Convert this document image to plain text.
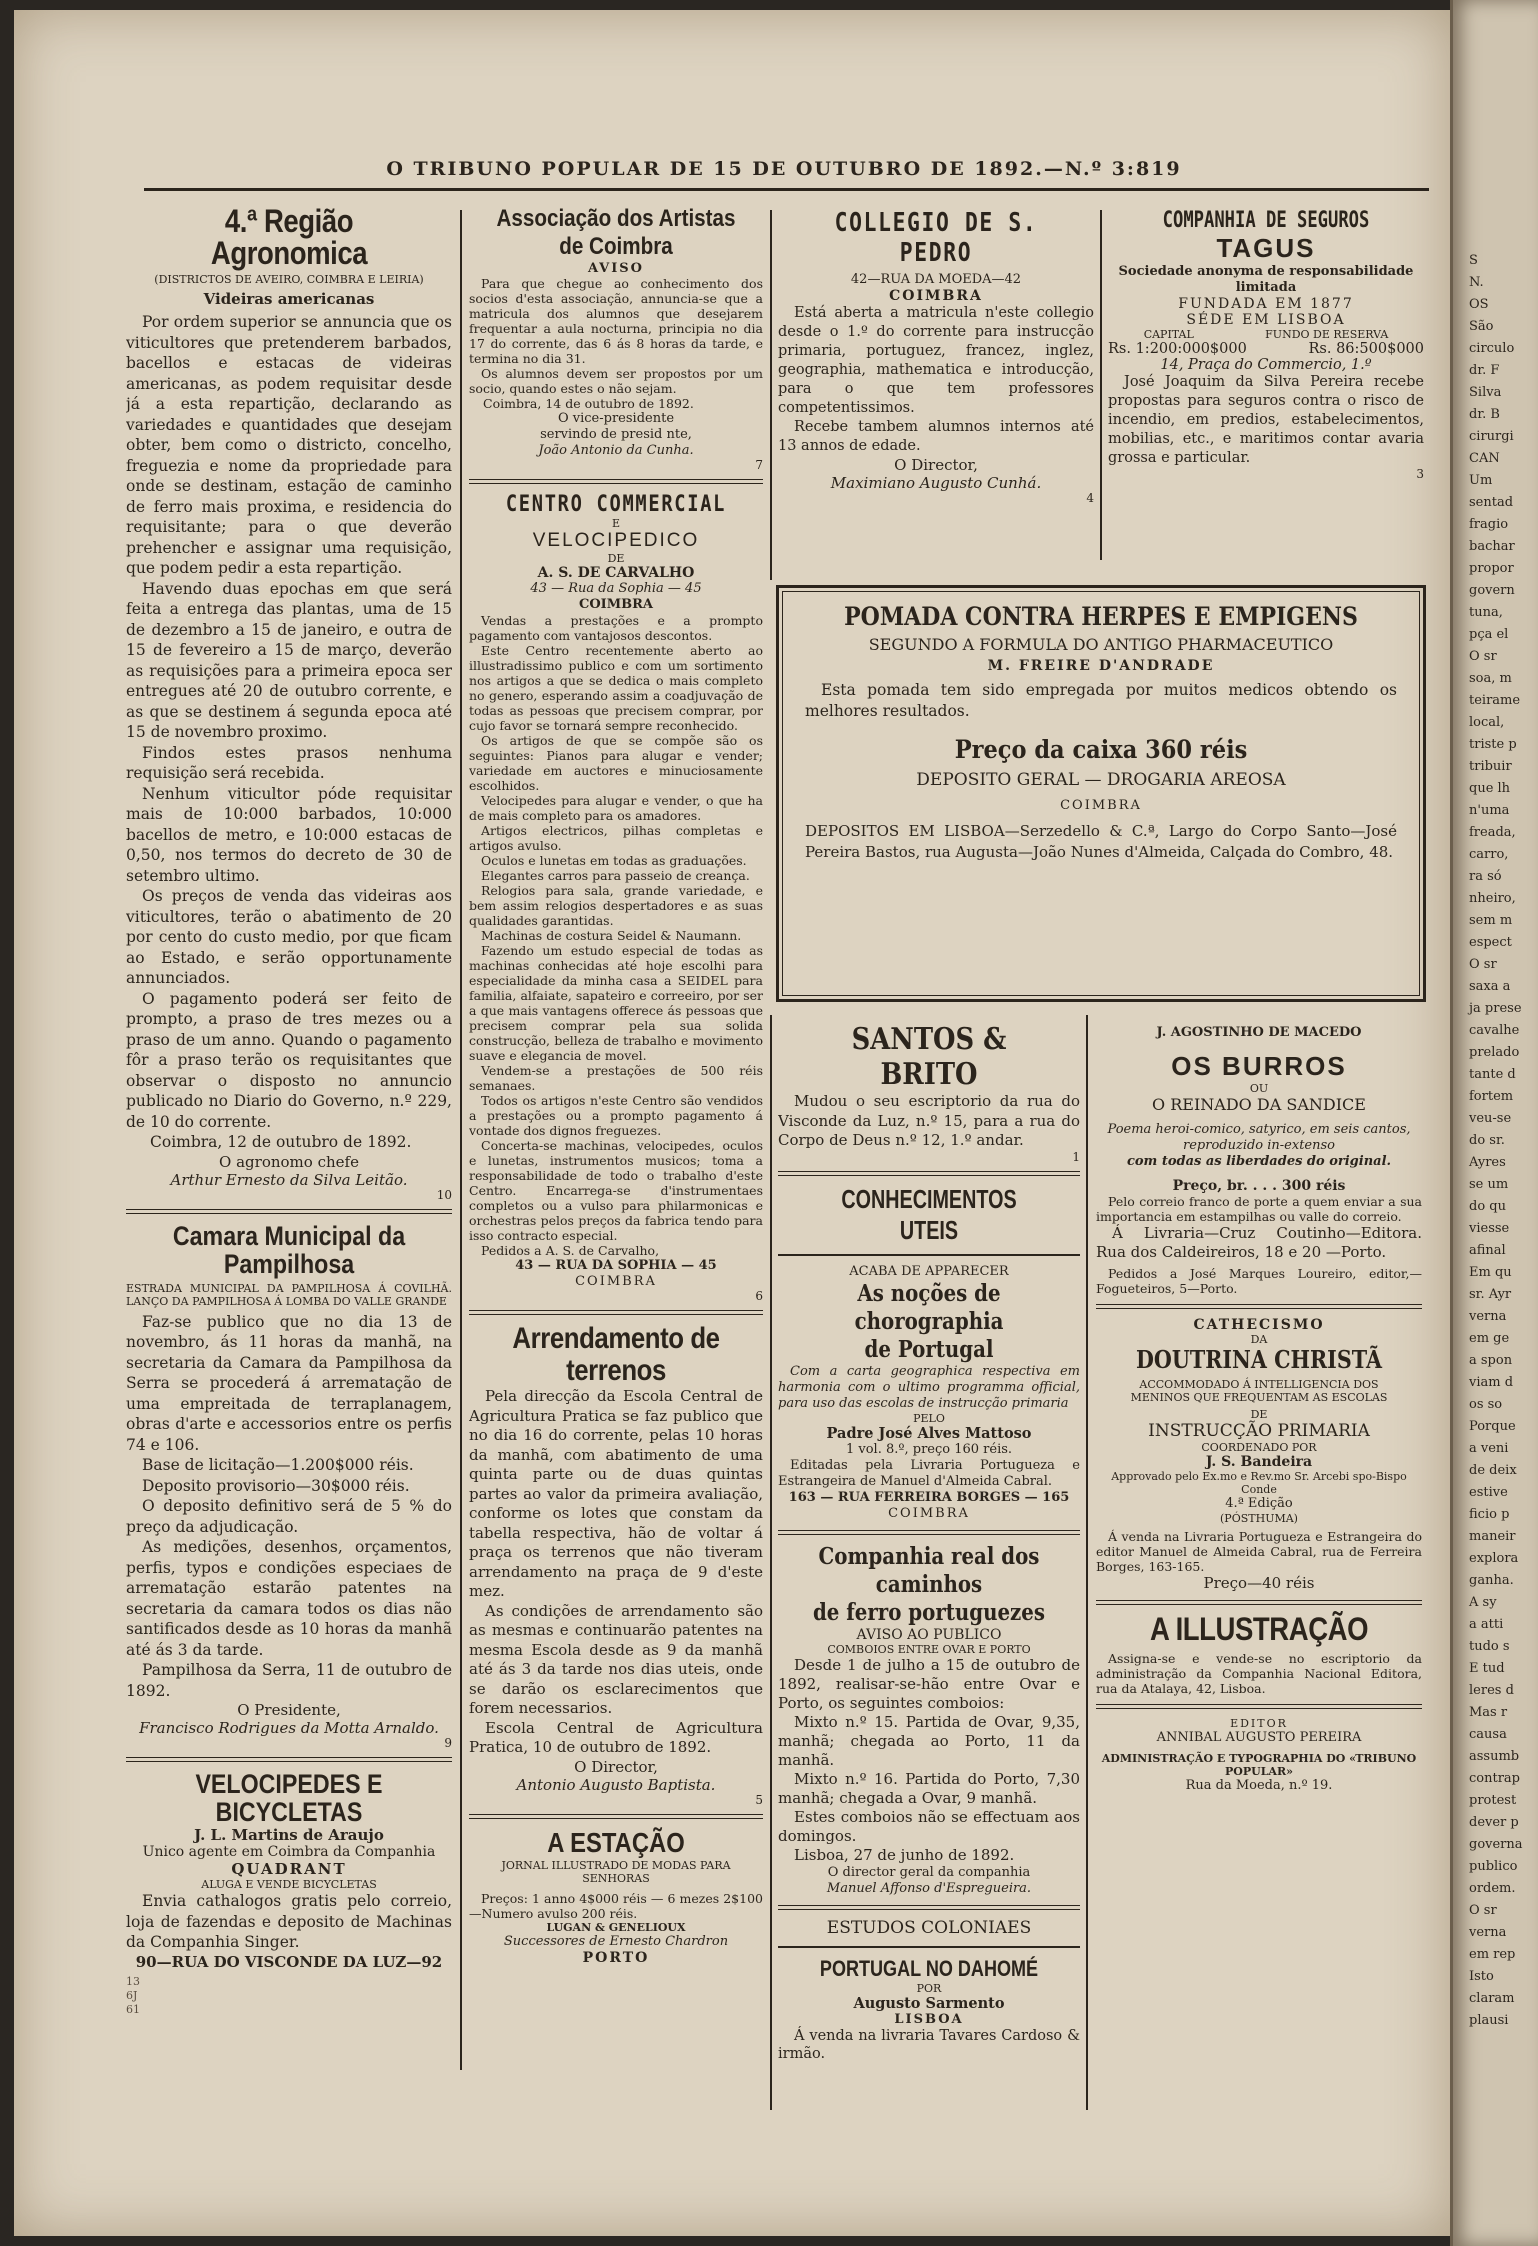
O TRIBUNO POPULAR DE 15 DE OUTUBRO DE 1892.—N.º 3:819
4.ª Região Agronomica
(DISTRICTOS DE AVEIRO, COIMBRA E LEIRIA)
Videiras americanas

Por ordem superior se annuncia que os viticultores que pretenderem barbados, bacellos e estacas de videiras americanas, as podem requisitar desde já a esta repartição, declarando as variedades e quantidades que desejam obter, bem como o districto, concelho, freguezia e nome da propriedade para onde se destinam, estação de caminho de ferro mais proxima, e residencia do requisitante; para o que deverão prehencher e assignar uma requisição, que podem pedir a esta repartição.

Havendo duas epochas em que será feita a entrega das plantas, uma de 15 de dezembro a 15 de janeiro, e outra de 15 de fevereiro a 15 de março, deverão as requisições para a primeira epoca ser entregues até 20 de outubro corrente, e as que se destinem á segunda epoca até 15 de novembro proximo.

Findos estes prasos nenhuma requisição será recebida.

Nenhum viticultor póde requisitar mais de 10:000 barbados, 10:000 bacellos de metro, e 10:000 estacas de 0,50, nos termos do decreto de 30 de setembro ultimo.

Os preços de venda das videiras aos viticultores, terão o abatimento de 20 por cento do custo medio, por que ficam ao Estado, e serão opportunamente annunciados.

O pagamento poderá ser feito de prompto, a praso de tres mezes ou a praso de um anno. Quando o pagamento fôr a praso terão os requisitantes que observar o disposto no annuncio publicado no Diario do Governo, n.º 229, de 10 do corrente.

Coimbra, 12 de outubro de 1892.
O agronomo chefe
Arthur Ernesto da Silva Leitão.
10
Camara Municipal da Pampilhosa
ESTRADA MUNICIPAL DA PAMPILHOSA Á COVILHÃ. LANÇO DA PAMPILHOSA Á LOMBA DO VALLE GRANDE

Faz-se publico que no dia 13 de novembro, ás 11 horas da manhã, na secretaria da Camara da Pampilhosa da Serra se procederá á arrematação de uma empreitada de terraplanagem, obras d'arte e accessorios entre os perfis 74 e 106.

Base de licitação—1.200$000 réis.

Deposito provisorio—30$000 réis.

O deposito definitivo será de 5 % do preço da adjudicação.

As medições, desenhos, orçamentos, perfis, typos e condições especiaes de arrematação estarão patentes na secretaria da camara todos os dias não santificados desde as 10 horas da manhã até ás 3 da tarde.

Pampilhosa da Serra, 11 de outubro de 1892.

O Presidente,
Francisco Rodrigues da Motta Arnaldo.
9
VELOCIPEDES E BICYCLETAS
J. L. Martins de Araujo
Unico agente em Coimbra da Companhia
QUADRANT
ALUGA E VENDE BICYCLETAS

Envia cathalogos gratis pelo correio, loja de fazendas e deposito de Machinas da Companhia Singer.

90—RUA DO VISCONDE DA LUZ—92
13
6J
61
Associação dos Artistas
de Coimbra
AVISO

Para que chegue ao conhecimento dos socios d'esta associação, annuncia-se que a matricula dos alumnos que desejarem frequentar a aula nocturna, principia no dia 17 do corrente, das 6 ás 8 horas da tarde, e termina no dia 31.

Os alumnos devem ser propostos por um socio, quando estes o não sejam.

Coimbra, 14 de outubro de 1892.
O vice-presidente
servindo de presid nte,
João Antonio da Cunha.
7
CENTRO COMMERCIAL
E
VELOCIPEDICO
DE
A. S. DE CARVALHO
43 — Rua da Sophia — 45
COIMBRA

Vendas a prestações e a prompto pagamento com vantajosos descontos.

Este Centro recentemente aberto ao illustradissimo publico e com um sortimento nos artigos a que se dedica o mais completo no genero, esperando assim a coadjuvação de todas as pessoas que precisem comprar, por cujo favor se tornará sempre reconhecido.

Os artigos de que se compõe são os seguintes: Pianos para alugar e vender; variedade em auctores e minuciosamente escolhidos.

Velocipedes para alugar e vender, o que ha de mais completo para os amadores.

Artigos electricos, pilhas completas e artigos avulso.

Oculos e lunetas em todas as graduações.

Elegantes carros para passeio de creança.

Relogios para sala, grande variedade, e bem assim relogios despertadores e as suas qualidades garantidas.

Machinas de costura Seidel & Naumann.

Fazendo um estudo especial de todas as machinas conhecidas até hoje escolhi para especialidade da minha casa a SEIDEL para familia, alfaiate, sapateiro e correeiro, por ser a que mais vantagens offerece ás pessoas que precisem comprar pela sua solida construcção, belleza de trabalho e movimento suave e elegancia de movel.

Vendem-se a prestações de 500 réis semanaes.

Todos os artigos n'este Centro são vendidos a prestações ou a prompto pagamento á vontade dos dignos freguezes.

Concerta-se machinas, velocipedes, oculos e lunetas, instrumentos musicos; toma a responsabilidade de todo o trabalho d'este Centro. Encarrega-se d'instrumentaes completos ou a vulso para philarmonicas e orchestras pelos preços da fabrica tendo para isso contracto especial.

Pedidos a A. S. de Carvalho,

43 — RUA DA SOPHIA — 45
COIMBRA
6
Arrendamento de terrenos

Pela direcção da Escola Central de Agricultura Pratica se faz publico que no dia 16 do corrente, pelas 10 horas da manhã, com abatimento de uma quinta parte ou de duas quintas partes ao valor da primeira avaliação, conforme os lotes que constam da tabella respectiva, hão de voltar á praça os terrenos que não tiveram arrendamento na praça de 9 d'este mez.

As condições de arrendamento são as mesmas e continuarão patentes na mesma Escola desde as 9 da manhã até ás 3 da tarde nos dias uteis, onde se darão os esclarecimentos que forem necessarios.

Escola Central de Agricultura Pratica, 10 de outubro de 1892.

O Director,
Antonio Augusto Baptista.
5
A ESTAÇÃO
JORNAL ILLUSTRADO DE MODAS PARA SENHORAS

Preços: 1 anno 4$000 réis — 6 mezes 2$100—Numero avulso 200 réis.

LUGAN & GENELIOUX
Successores de Ernesto Chardron
PORTO
COLLEGIO DE S. PEDRO
42—RUA DA MOEDA—42
COIMBRA

Está aberta a matricula n'este collegio desde o 1.º do corrente para instrucção primaria, portuguez, francez, inglez, geographia, mathematica e introducção, para o que tem professores competentissimos.

Recebe tambem alumnos internos até 13 annos de edade.

O Director,
Maximiano Augusto Cunhá.
4
COMPANHIA DE SEGUROS
TAGUS
Sociedade anonyma de responsabilidade limitada
FUNDADA EM 1877
SÉDE EM LISBOA
CAPITAL	FUNDO DE RESERVA
Rs. 1:200:000$000	Rs. 86:500$000
14, Praça do Commercio, 1.º

José Joaquim da Silva Pereira recebe propostas para seguros contra o risco de incendio, em predios, estabelecimentos, mobilias, etc., e maritimos contar avaria grossa e particular.

3
POMADA CONTRA HERPES E EMPIGENS
SEGUNDO A FORMULA DO ANTIGO PHARMACEUTICO
M. FREIRE D'ANDRADE

Esta pomada tem sido empregada por muitos medicos obtendo os melhores resultados.

Preço da caixa 360 réis
DEPOSITO GERAL — DROGARIA AREOSA
COIMBRA

DEPOSITOS EM LISBOA—Serzedello & C.ª, Largo do Corpo Santo—José Pereira Bastos, rua Augusta—João Nunes d'Almeida, Calçada do Combro, 48.

SANTOS & BRITO

Mudou o seu escriptorio da rua do Visconde da Luz, n.º 15, para a rua do Corpo de Deus n.º 12, 1.º andar.

1
CONHECIMENTOS UTEIS
ACABA DE APPARECER
As noções de chorographia
de Portugal

Com a carta geographica respectiva em harmonia com o ultimo programma official, para uso das escolas de instrucção primaria

PELO
Padre José Alves Mattoso
1 vol. 8.º, preço 160 réis.

Editadas pela Livraria Portugueza e Estrangeira de Manuel d'Almeida Cabral.

163 — RUA FERREIRA BORGES — 165
COIMBRA
Companhia real dos caminhos
de ferro portuguezes
AVISO AO PUBLICO
COMBOIOS ENTRE OVAR E PORTO

Desde 1 de julho a 15 de outubro de 1892, realisar-se-hão entre Ovar e Porto, os seguintes comboios:

Mixto n.º 15. Partida de Ovar, 9,35, manhã; chegada ao Porto, 11 da manhã.

Mixto n.º 16. Partida do Porto, 7,30 manhã; chegada a Ovar, 9 manhã.

Estes comboios não se effectuam aos domingos.

Lisboa, 27 de junho de 1892.

O director geral da companhia
Manuel Affonso d'Espregueira.
ESTUDOS COLONIAES
PORTUGAL NO DAHOMÉ
POR
Augusto Sarmento
LISBOA

Á venda na livraria Tavares Cardoso & irmão.

J. AGOSTINHO DE MACEDO
OS BURROS
OU
O REINADO DA SANDICE
Poema heroi-comico, satyrico, em seis cantos,
reproduzido in-extenso
com todas as liberdades do original.
Preço, br. . . . 300 réis

Pelo correio franco de porte a quem enviar a sua importancia em estampilhas ou valle do correio.

Á Livraria—Cruz Coutinho—Editora. Rua dos Caldeireiros, 18 e 20 —Porto.

Pedidos a José Marques Loureiro, editor,—Fogueteiros, 5—Porto.

CATHECISMO
DA
DOUTRINA CHRISTÃ
ACCOMMODADO Á INTELLIGENCIA DOS MENINOS QUE FREQUENTAM AS ESCOLAS
DE
INSTRUCÇÃO PRIMARIA
COORDENADO POR
J. S. Bandeira
Approvado pelo Ex.mo e Rev.mo Sr. Arcebi spo-Bispo Conde
4.ª Edição
(PÓSTHUMA)

Á venda na Livraria Portugueza e Estrangeira do editor Manuel de Almeida Cabral, rua de Ferreira Borges, 163-165.

Preço—40 réis
A ILLUSTRAÇÃO

Assigna-se e vende-se no escriptorio da administração da Companhia Nacional Editora, rua da Atalaya, 42, Lisboa.

EDITOR
ANNIBAL AUGUSTO PEREIRA
ADMINISTRAÇÃO E TYPOGRAPHIA DO «TRIBUNO POPULAR»
Rua da Moeda, n.º 19.
S
N.
OS
São
circulo
dr. F
Silva
dr. B
cirurgi
CAN
Um
sentad
fragio
bachar
propor
govern
tuna,
pça el
O sr
soa, m
teirame
local,
triste p
tribuir
que lh
n'uma
freada,
carro,
ra só
nheiro,
sem m
espect
O sr
saxa a
ja prese
cavalhe
prelado
tante d
fortem
veu-se
do sr.
Ayres
se um
do qu
viesse
afinal
Em qu
sr. Ayr
verna
em ge
a spon
viam d
os so
Porque
a veni
de deix
estive
ficio p
maneir
explora
ganha.
A sy
a atti
tudo s
E tud
leres d
Mas r
causa
assumb
contrap
protest
dever p
governa
publico
ordem.
O sr
verna
em rep
Isto
claram
plausi
